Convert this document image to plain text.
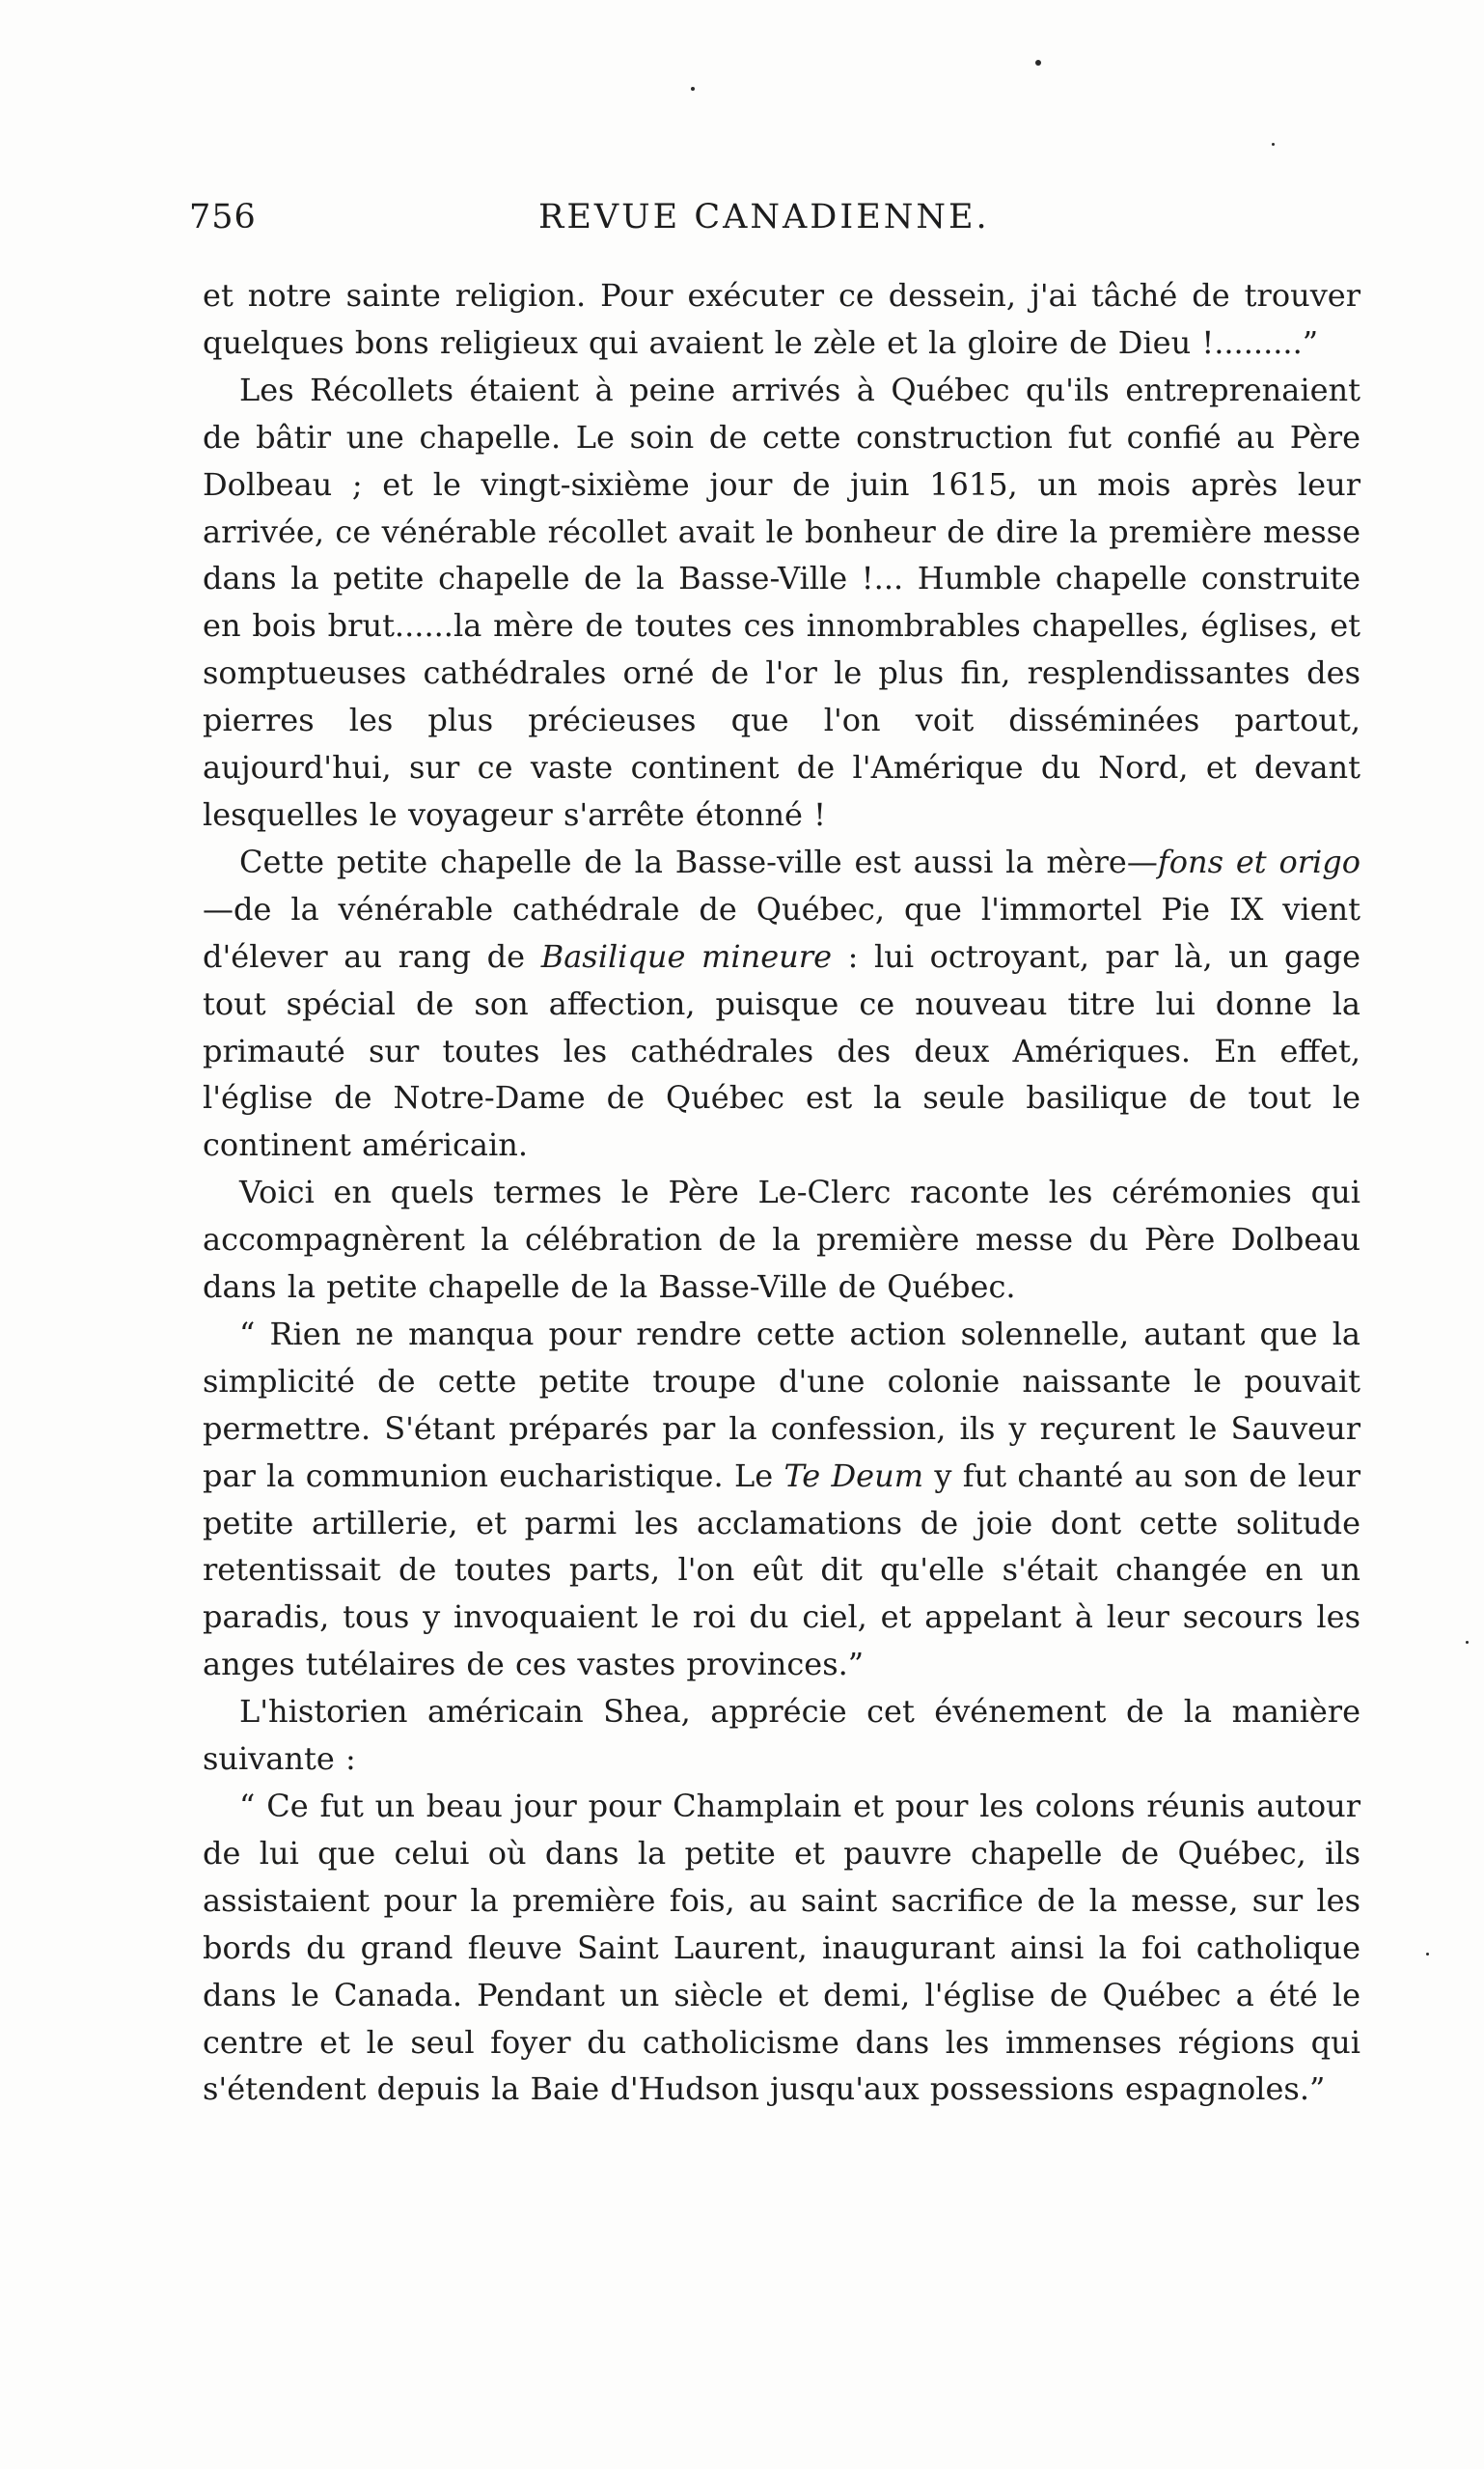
756	REVUE CANADIENNE.

et notre sainte religion. Pour exécuter ce dessein, j'ai tâché de trouver quelques bons religieux qui avaient le zèle et la gloire de Dieu !.........”

Les Récollets étaient à peine arrivés à Québec qu'ils entreprenaient de bâtir une chapelle. Le soin de cette construction fut confié au Père Dolbeau ; et le vingt-sixième jour de juin 1615, un mois après leur arrivée, ce vénérable récollet avait le bonheur de dire la première messe dans la petite chapelle de la Basse-Ville !... Humble chapelle construite en bois brut......la mère de toutes ces innombrables chapelles, églises, et somptueuses cathédrales orné de l'or le plus fin, resplendissantes des pierres les plus précieuses que l'on voit disséminées partout, aujourd'hui, sur ce vaste continent de l'Amérique du Nord, et devant lesquelles le voyageur s'arrête étonné !

Cette petite chapelle de la Basse-ville est aussi la mère—fons et origo—de la vénérable cathédrale de Québec, que l'immortel Pie IX vient d'élever au rang de Basilique mineure : lui octroyant, par là, un gage tout spécial de son affection, puisque ce nouveau titre lui donne la primauté sur toutes les cathédrales des deux Amériques. En effet, l'église de Notre-Dame de Québec est la seule basilique de tout le continent américain.

Voici en quels termes le Père Le-Clerc raconte les cérémonies qui accompagnèrent la célébration de la première messe du Père Dolbeau dans la petite chapelle de la Basse-Ville de Québec.

“ Rien ne manqua pour rendre cette action solennelle, autant que la simplicité de cette petite troupe d'une colonie naissante le pouvait permettre. S'étant préparés par la confession, ils y reçurent le Sauveur par la communion eucharistique. Le Te Deum y fut chanté au son de leur petite artillerie, et parmi les acclamations de joie dont cette solitude retentissait de toutes parts, l'on eût dit qu'elle s'était changée en un paradis, tous y invoquaient le roi du ciel, et appelant à leur secours les anges tutélaires de ces vastes provinces.”

L'historien américain Shea, apprécie cet événement de la manière suivante :

“ Ce fut un beau jour pour Champlain et pour les colons réunis autour de lui que celui où dans la petite et pauvre chapelle de Québec, ils assistaient pour la première fois, au saint sacrifice de la messe, sur les bords du grand fleuve Saint Laurent, inaugurant ainsi la foi catholique dans le Canada. Pendant un siècle et demi, l'église de Québec a été le centre et le seul foyer du catholicisme dans les immenses régions qui s'étendent depuis la Baie d'Hudson jusqu'aux possessions espagnoles.”
